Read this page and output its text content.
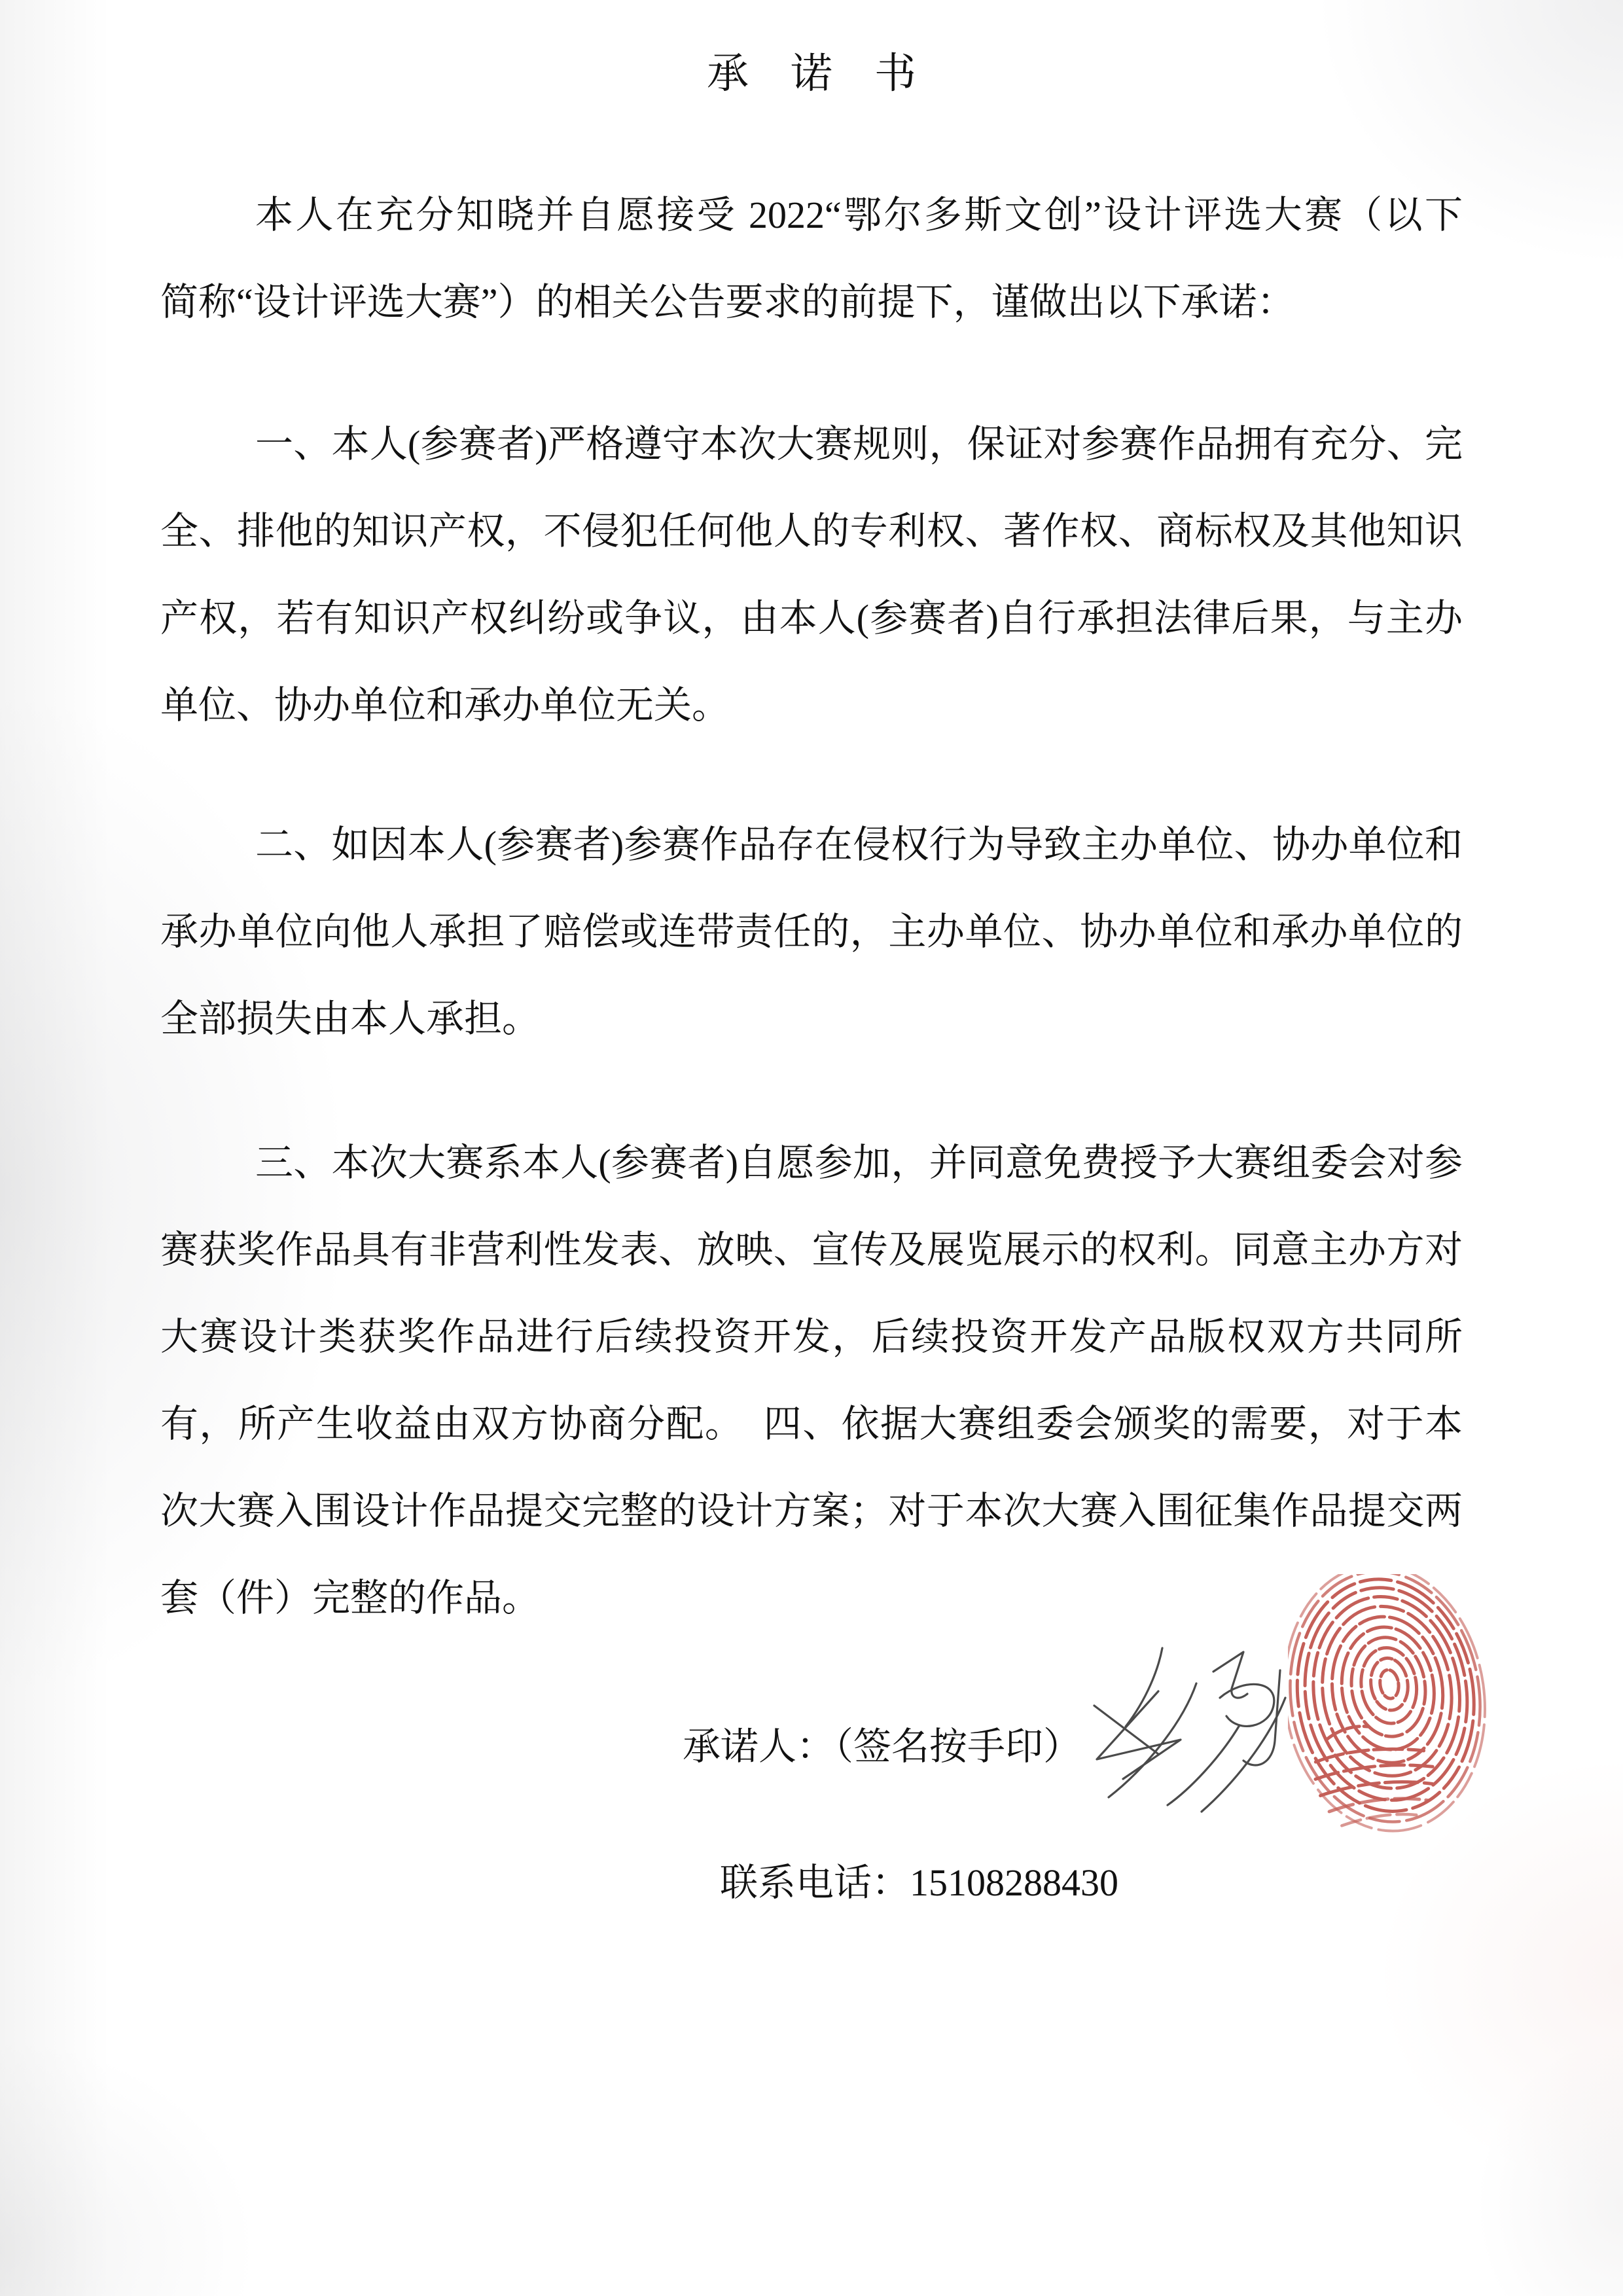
承　诺　书
本人在充分知晓并自愿接受 2022“鄂尔多斯文创”设计评选大赛（以下
简称“设计评选大赛”）的相关公告要求的前提下，谨做出以下承诺：
一、本人(参赛者)严格遵守本次大赛规则，保证对参赛作品拥有充分、完
全、排他的知识产权，不侵犯任何他人的专利权、著作权、商标权及其他知识
产权，若有知识产权纠纷或争议，由本人(参赛者)自行承担法律后果，与主办
单位、协办单位和承办单位无关。
二、如因本人(参赛者)参赛作品存在侵权行为导致主办单位、协办单位和
承办单位向他人承担了赔偿或连带责任的，主办单位、协办单位和承办单位的
全部损失由本人承担。
三、本次大赛系本人(参赛者)自愿参加，并同意免费授予大赛组委会对参
赛获奖作品具有非营利性发表、放映、宣传及展览展示的权利。同意主办方对
大赛设计类获奖作品进行后续投资开发，后续投资开发产品版权双方共同所
有，所产生收益由双方协商分配。　四、依据大赛组委会颁奖的需要，对于本
次大赛入围设计作品提交完整的设计方案；对于本次大赛入围征集作品提交两
套（件）完整的作品。
承诺人：（签名按手印）
联系电话：15108288430
